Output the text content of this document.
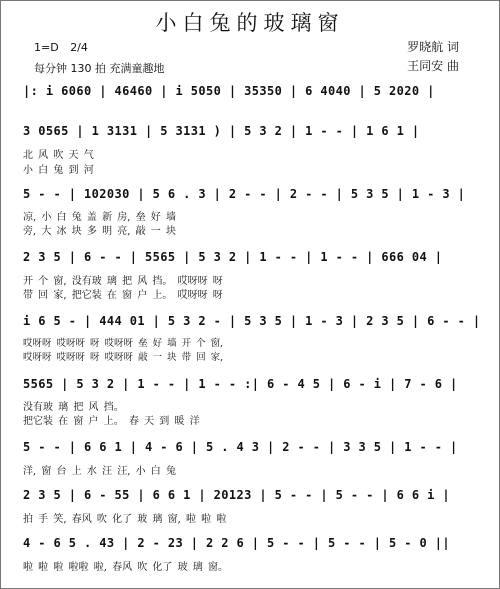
小白兔的玻璃窗
1=D 2/4
每分钟 130 拍 充满童趣地
罗晓航 词
王同安 曲
|: i 6060 | 46460 | i 5050 | 35350 | 6 4040 | 5 2020 |
3 0565 | 1 3131 | 5 3131 ) | 5 3 2 | 1 - - | 1 6 1 |
北 风 吹 天 气
小 白 兔 到 河
5 - - | 102030 | 5 6 . 3 | 2 - - | 2 - - | 5 3 5 | 1 - 3 |
凉, 小 白 兔 盖 新 房, 垒 好 墙
旁, 大 冰 块 多 明 亮, 敲 一 块
2 3 5 | 6 - - | 5565 | 5 3 2 | 1 - - | 1 - - | 666 04 |
开 个 窗, 没有玻 璃 把 风 挡。 哎呀呀 呀
带 回 家, 把它装 在 窗 户 上。 哎呀呀 呀
i 6 5 - | 444 01 | 5 3 2 - | 5 3 5 | 1 - 3 | 2 3 5 | 6 - - |
哎呀呀 哎呀呀 呀 哎呀呀 垒 好 墙 开 个 窗,
哎呀呀 哎呀呀 呀 哎呀呀 敲 一 块 带 回 家,
5565 | 5 3 2 | 1 - - | 1 - - :| 6 - 4 5 | 6 - i | 7 - 6 |
没有玻 璃 把 风 挡。
把它装 在 窗 户 上。 春 天 到 暖 洋
5 - - | 6 6 1 | 4 - 6 | 5 . 4 3 | 2 - - | 3 3 5 | 1 - - |
洋, 窗 台 上 水 汪 汪, 小 白 兔
2 3 5 | 6 - 55 | 6 6 1 | 20123 | 5 - - | 5 - - | 6 6 i |
拍 手 笑, 春风 吹 化了 玻 璃 窗, 啦 啦 啦
4 - 6 5 . 43 | 2 - 23 | 2 2 6 | 5 - - | 5 - - | 5 - 0 ||
啦 啦 啦 啦啦 啦, 春风 吹 化了 玻 璃 窗。
